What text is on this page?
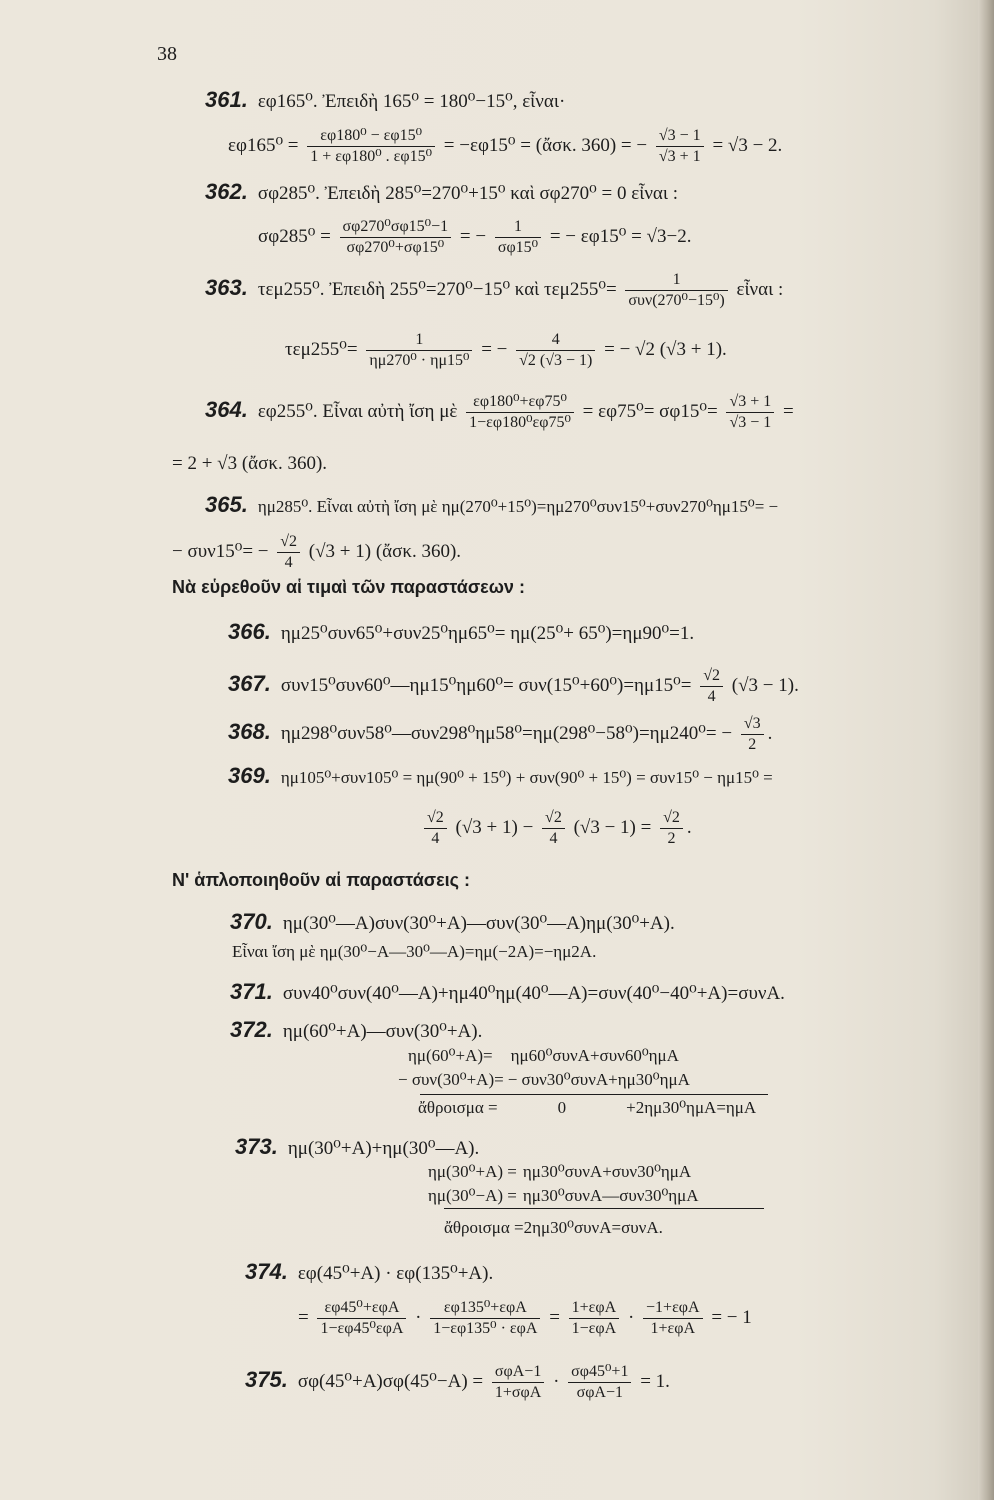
38
361. εφ165⁰. Ἐπειδὴ 165⁰ = 180⁰−15⁰, εἶναι·
$\varepsilon\varphi 165^0 = \frac{\text{εφ180⁰ − εφ15⁰}}{\text{1 + εφ180⁰ . εφ15⁰}} = -\varepsilon\varphi 15^0$ = (ἄσκ. 360) = − $\frac{√3 - 1}{√3 + 1} = √3 - 2$.
362. σφ285⁰. Ἐπειδὴ 285⁰=270⁰+15⁰ καὶ σφ270⁰ = 0 εἶναι :
$\sigma\varphi 285^0 = \frac{\text{σφ270⁰σφ15⁰−1}}{\text{σφ270⁰+σφ15⁰}}$ = − $\frac{1}{\text{σφ15⁰}}$ = − εφ15⁰ = √3−2.
363. τεμ255⁰. Ἐπειδὴ 255⁰=270⁰−15⁰ καὶ $\tau\varepsilon\mu 255^0= \frac{1}{\text{συν(270⁰−15⁰)}}$ εἶναι :
$\tau\varepsilon\mu 255^0= \frac{1}{\text{ημ270⁰ · ημ15⁰}}$ = − $\frac{4}{√2 (√3 - 1)}$ = − √2 (√3 + 1).
364. εφ255⁰. Εἶναι αὐτὴ ἴση μὲ $\frac{\text{εφ180⁰+εφ75⁰}}{\text{1−εφ180⁰εφ75⁰}} = \varepsilon\varphi 75^0= \sigma\varphi 15^0= \frac{√3 + 1}{√3 - 1}$ =
= 2 + √3 (ἄσκ. 360).
365. ημ285⁰. Εἶναι αὐτὴ ἴση μὲ ημ(270⁰+15⁰)=ημ270⁰συν15⁰+συν270⁰ημ15⁰= −
− $\sigma\upsilon\nu 15^0= - \frac{√2}{4} (√3 + 1)$ (ἄσκ. 360).
Νὰ εὑρεθοῦν αἱ τιμαὶ τῶν παραστάσεων :
366. ημ25⁰συν65⁰+συν25⁰ημ65⁰= ημ(25⁰+ 65⁰)=ημ90⁰=1.
367. συν15⁰συν60⁰—ημ15⁰ημ60⁰= $\sigma\upsilon\nu(15^0+60^0)=\eta\mu 15^0= \frac{√2}{4} (√3 - 1)$.
368. ημ298⁰συν58⁰—συν298⁰ημ58⁰=ημ(298⁰−58⁰)=ημ240⁰= − $\frac{√3}{2}$ .
369. ημ105⁰+συν105⁰ = ημ(90⁰ + 15⁰) + συν(90⁰ + 15⁰) = συν15⁰ − ημ15⁰ =
$\frac{√2}{4} (√3 + 1) - \frac{√2}{4} (√3 - 1) = \frac{√2}{2}$ .
Ν' ἁπλοποιηθοῦν αἱ παραστάσεις :
370. ημ(30⁰—Α)συν(30⁰+Α)—συν(30⁰—Α)ημ(30⁰+Α).
Εἶναι ἴση μὲ ημ(30⁰−Α—30⁰—Α)=ημ(−2Α)=−ημ2Α.
371. συν40⁰συν(40⁰—Α)+ημ40⁰ημ(40⁰—Α)=συν(40⁰−40⁰+Α)=συνΑ.
372. ημ(60⁰+Α)—συν(30⁰+Α).
ημ(60⁰+Α)= ημ60⁰συνΑ+συν60⁰ημΑ
− συν(30⁰+Α)= − συν30⁰συνΑ+ημ30⁰ημΑ
ἄθροισμα =	0	+2ημ30⁰ημΑ=ημΑ
373. ημ(30⁰+Α)+ημ(30⁰—Α).
ημ(30⁰+Α) = ημ30⁰συνΑ+συν30⁰ημΑ
ημ(30⁰−Α) = ημ30⁰συνΑ—συν30⁰ημΑ
ἄθροισμα =2ημ30⁰συνΑ=συνΑ.
374. εφ(45⁰+Α) · εφ(135⁰+Α).
= $\frac{\text{εφ45⁰+εφΑ}}{\text{1−εφ45⁰εφΑ}} \cdot \frac{\text{εφ135⁰+εφΑ}}{\text{1−εφ135⁰ · εφΑ}} = \frac{\text{1+εφΑ}}{\text{1−εφΑ}} \cdot \frac{\text{−1+εφΑ}}{\text{1+εφΑ}}$ = − 1
375. $\sigma\varphi(45^0+A)\sigma\varphi(45^0-A) = \frac{\text{σφΑ−1}}{\text{1+σφΑ}} \cdot \frac{\text{σφ45⁰+1}}{\text{σφΑ−1}} = 1$.
